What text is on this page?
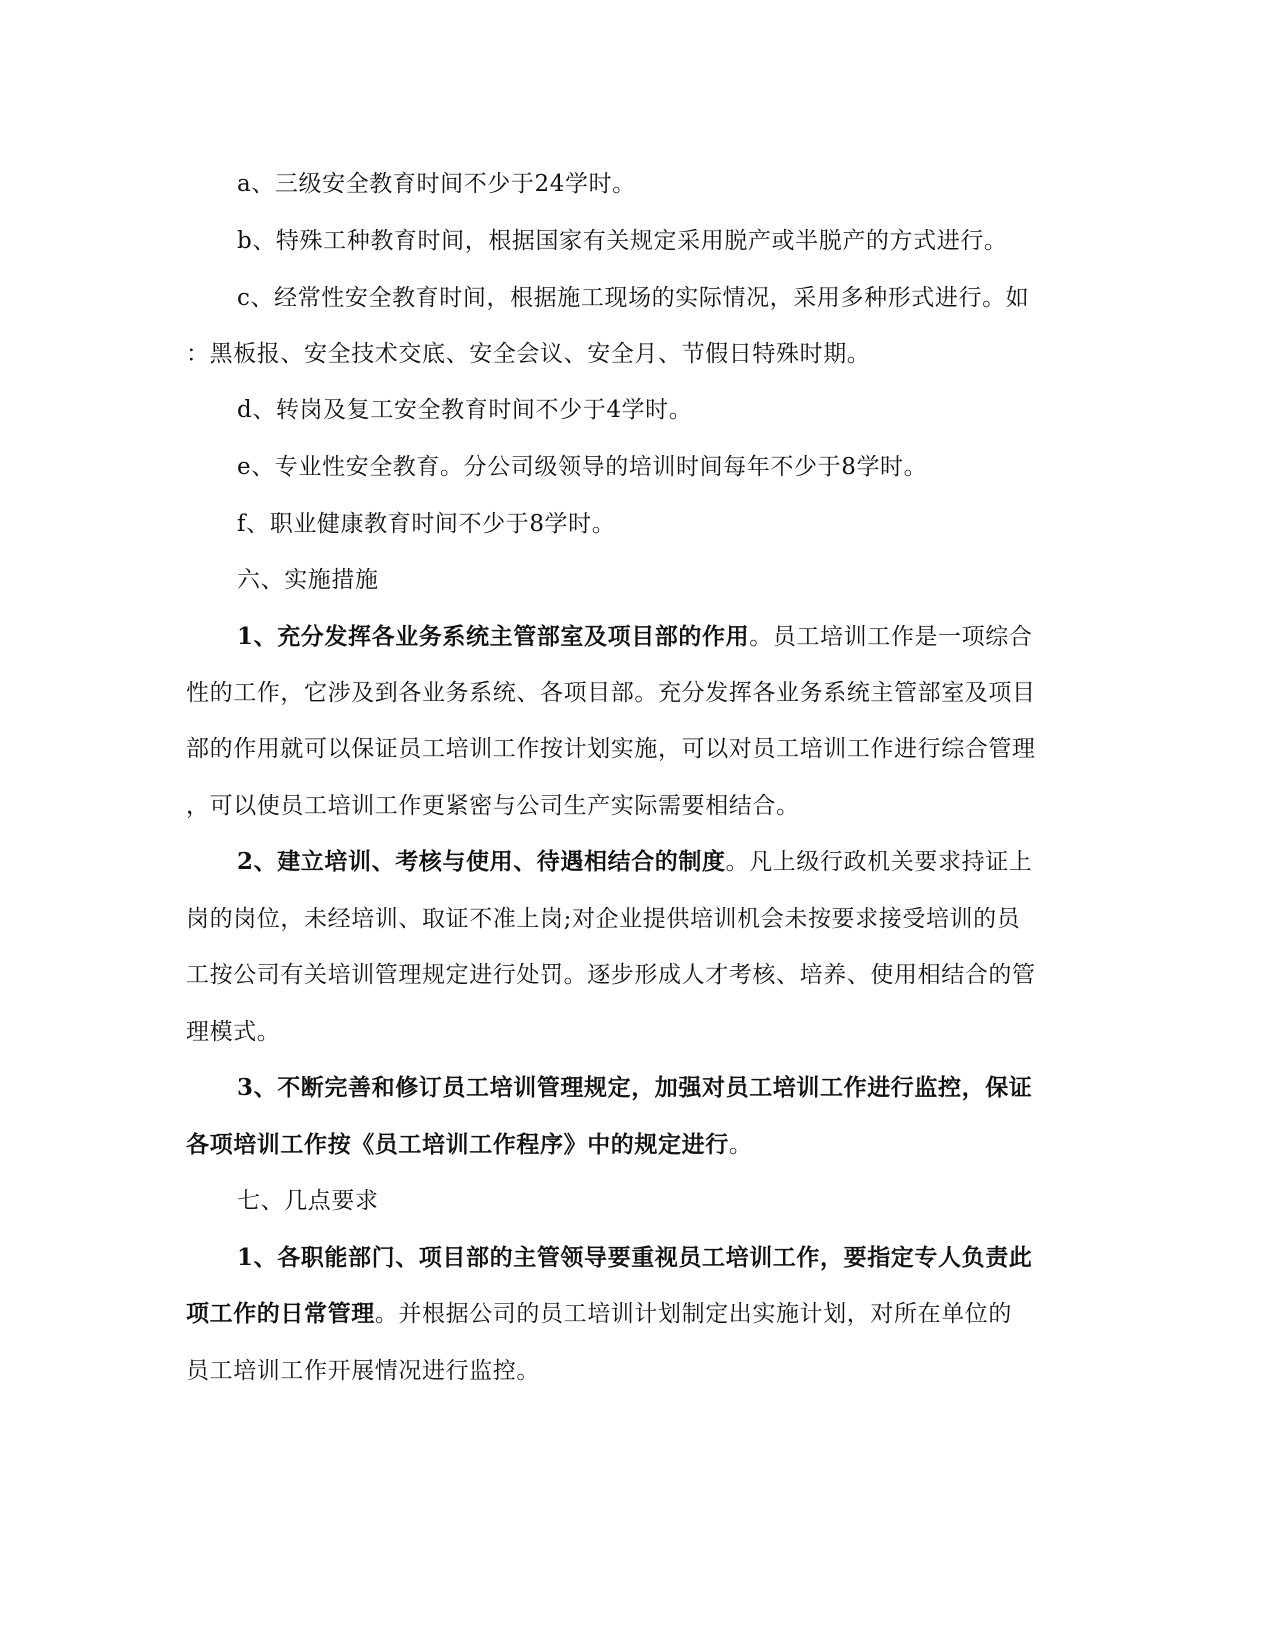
a、三级安全教育时间不少于24学时。
b、特殊工种教育时间，根据国家有关规定采用脱产或半脱产的方式进行。
c、经常性安全教育时间，根据施工现场的实际情况，采用多种形式进行。如
：黑板报、安全技术交底、安全会议、安全月、节假日特殊时期。
d、转岗及复工安全教育时间不少于4学时。
e、专业性安全教育。分公司级领导的培训时间每年不少于8学时。
f、职业健康教育时间不少于8学时。
六、实施措施
1、充分发挥各业务系统主管部室及项目部的作用。员工培训工作是一项综合
性的工作，它涉及到各业务系统、各项目部。充分发挥各业务系统主管部室及项目
部的作用就可以保证员工培训工作按计划实施，可以对员工培训工作进行综合管理
，可以使员工培训工作更紧密与公司生产实际需要相结合。
2、建立培训、考核与使用、待遇相结合的制度。凡上级行政机关要求持证上
岗的岗位，未经培训、取证不准上岗;对企业提供培训机会未按要求接受培训的员
工按公司有关培训管理规定进行处罚。逐步形成人才考核、培养、使用相结合的管
理模式。
3、不断完善和修订员工培训管理规定，加强对员工培训工作进行监控，保证
各项培训工作按《员工培训工作程序》中的规定进行。
七、几点要求
1、各职能部门、项目部的主管领导要重视员工培训工作，要指定专人负责此
项工作的日常管理。并根据公司的员工培训计划制定出实施计划，对所在单位的
员工培训工作开展情况进行监控。
